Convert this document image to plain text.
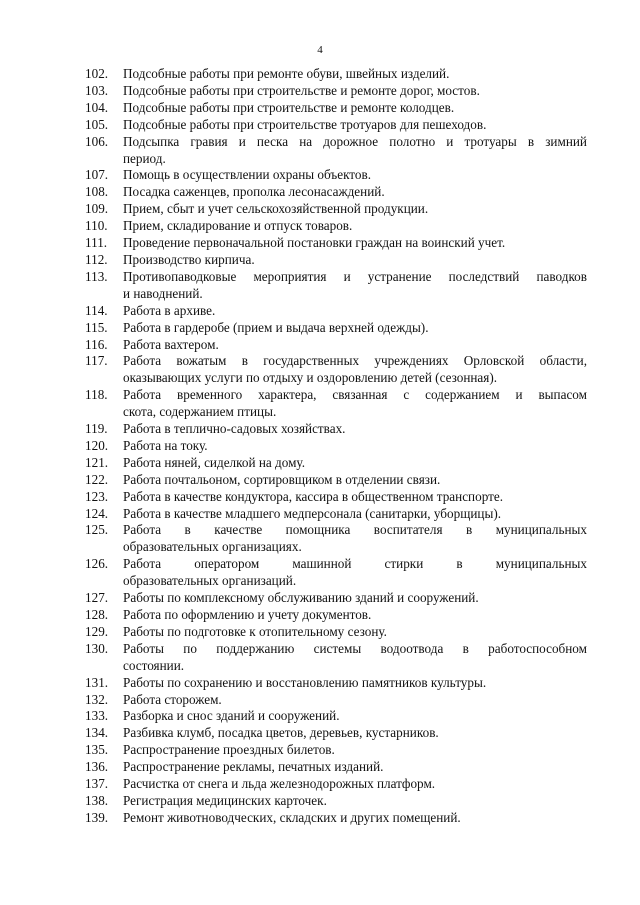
4
102.	Подсобные работы при ремонте обуви, швейных изделий.
103.	Подсобные работы при строительстве и ремонте дорог, мостов.
104.	Подсобные работы при строительстве и ремонте колодцев.
105.	Подсобные работы при строительстве тротуаров для пешеходов.
106.	Подсыпка гравия и песка на дорожное полотно и тротуары в зимний
период.
107.	Помощь в осуществлении охраны объектов.
108.	Посадка саженцев, прополка лесонасаждений.
109.	Прием, сбыт и учет сельскохозяйственной продукции.
110.	Прием, складирование и отпуск товаров.
111.	Проведение первоначальной постановки граждан на воинский учет.
112.	Производство кирпича.
113.	Противопаводковые мероприятия и устранение последствий паводков
и наводнений.
114.	Работа в архиве.
115.	Работа в гардеробе (прием и выдача верхней одежды).
116.	Работа вахтером.
117.	Работа вожатым в государственных учреждениях Орловской области,
оказывающих услуги по отдыху и оздоровлению детей (сезонная).
118.	Работа временного характера, связанная с содержанием и выпасом
скота, содержанием птицы.
119.	Работа в теплично-садовых хозяйствах.
120.	Работа на току.
121.	Работа няней, сиделкой на дому.
122.	Работа почтальоном, сортировщиком в отделении связи.
123.	Работа в качестве кондуктора, кассира в общественном транспорте.
124.	Работа в качестве младшего медперсонала (санитарки, уборщицы).
125.	Работа в качестве помощника воспитателя в муниципальных
образовательных организациях.
126.	Работа оператором машинной стирки в муниципальных
образовательных организаций.
127.	Работы по комплексному обслуживанию зданий и сооружений.
128.	Работа по оформлению и учету документов.
129.	Работы по подготовке к отопительному сезону.
130.	Работы по поддержанию системы водоотвода в работоспособном
состоянии.
131.	Работы по сохранению и восстановлению памятников культуры.
132.	Работа сторожем.
133.	Разборка и снос зданий и сооружений.
134.	Разбивка клумб, посадка цветов, деревьев, кустарников.
135.	Распространение проездных билетов.
136.	Распространение рекламы, печатных изданий.
137.	Расчистка от снега и льда железнодорожных платформ.
138.	Регистрация медицинских карточек.
139.	Ремонт животноводческих, складских и других помещений.
